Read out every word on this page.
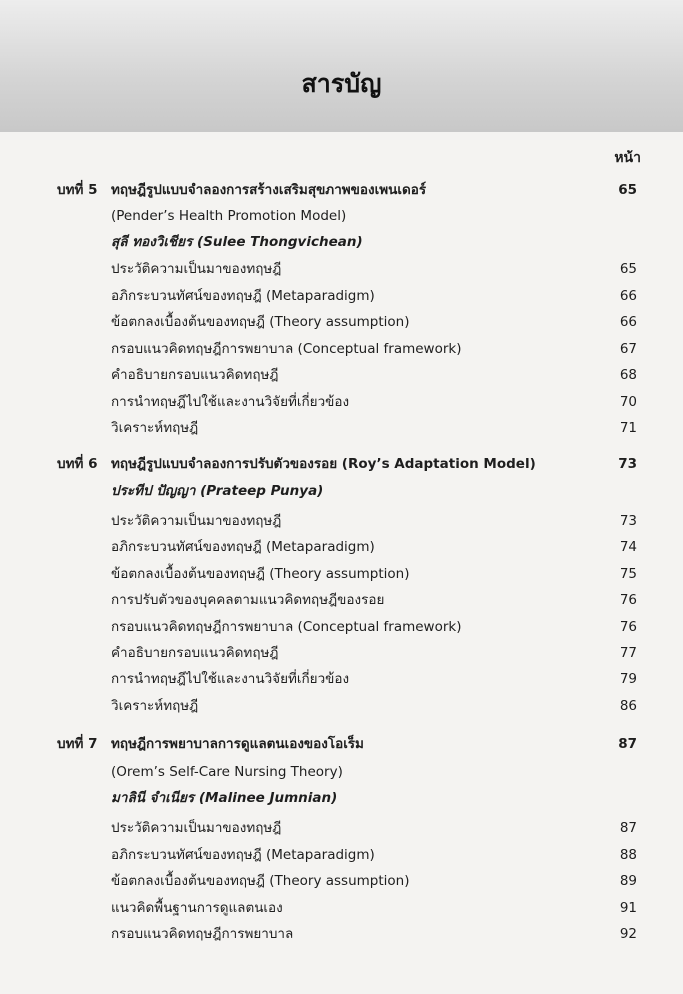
สารบัญ
หน้า
บทที่ 5 ทฤษฎีรูปแบบจำลองการสร้างเสริมสุขภาพของเพนเดอร์	65
(Pender’s Health Promotion Model)
สุลี ทองวิเชียร (Sulee Thongvichean)
ประวัติความเป็นมาของทฤษฎี	65
อภิกระบวนทัศน์ของทฤษฎี (Metaparadigm)	66
ข้อตกลงเบื้องต้นของทฤษฎี (Theory assumption)	66
กรอบแนวคิดทฤษฎีการพยาบาล (Conceptual framework)	67
คำอธิบายกรอบแนวคิดทฤษฎี	68
การนำทฤษฎีไปใช้และงานวิจัยที่เกี่ยวข้อง	70
วิเคราะห์ทฤษฎี	71
บทที่ 6 ทฤษฎีรูปแบบจำลองการปรับตัวของรอย (Roy’s Adaptation Model)	73
ประทีป ปัญญา (Prateep Punya)
ประวัติความเป็นมาของทฤษฎี	73
อภิกระบวนทัศน์ของทฤษฎี (Metaparadigm)	74
ข้อตกลงเบื้องต้นของทฤษฎี (Theory assumption)	75
การปรับตัวของบุคคลตามแนวคิดทฤษฎีของรอย	76
กรอบแนวคิดทฤษฎีการพยาบาล (Conceptual framework)	76
คำอธิบายกรอบแนวคิดทฤษฎี	77
การนำทฤษฎีไปใช้และงานวิจัยที่เกี่ยวข้อง	79
วิเคราะห์ทฤษฎี	86
บทที่ 7 ทฤษฎีการพยาบาลการดูแลตนเองของโอเร็ม	87
(Orem’s Self-Care Nursing Theory)
มาลินี จำเนียร (Malinee Jumnian)
ประวัติความเป็นมาของทฤษฎี	87
อภิกระบวนทัศน์ของทฤษฎี (Metaparadigm)	88
ข้อตกลงเบื้องต้นของทฤษฎี (Theory assumption)	89
แนวคิดพื้นฐานการดูแลตนเอง	91
กรอบแนวคิดทฤษฎีการพยาบาล	92
